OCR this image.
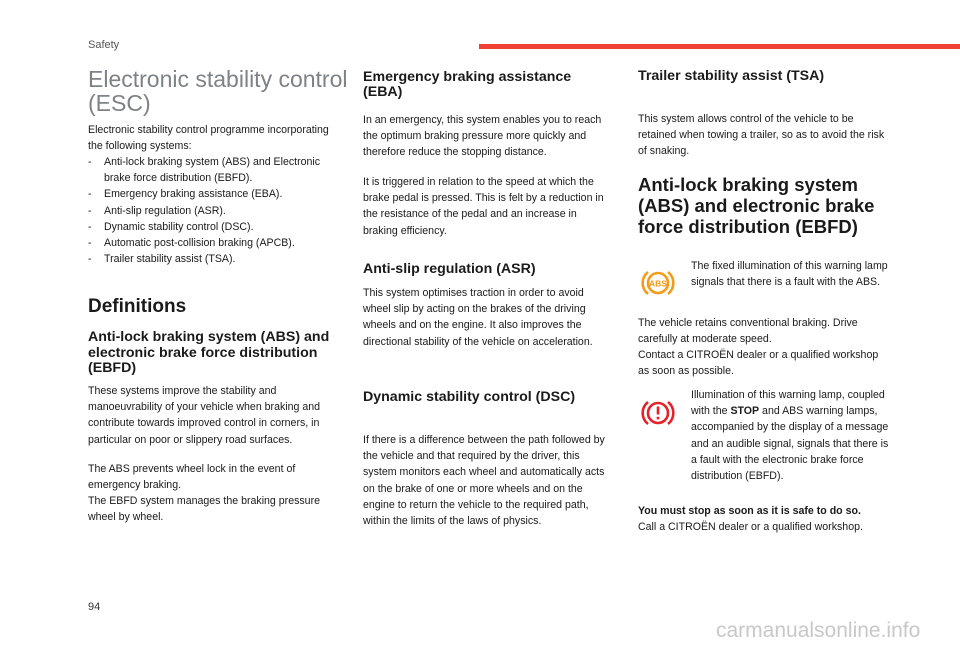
Safety
Electronic stability control (ESC)

Electronic stability control programme incorporating the following systems:

- Anti-lock braking system (ABS) and Electronic brake force distribution (EBFD).
- Emergency braking assistance (EBA).
- Anti-slip regulation (ASR).
- Dynamic stability control (DSC).
- Automatic post-collision braking (APCB).
- Trailer stability assist (TSA).
Definitions
Anti-lock braking system (ABS) and electronic brake force distribution (EBFD)

These systems improve the stability and manoeuvrability of your vehicle when braking and contribute towards improved control in corners, in particular on poor or slippery road surfaces.

The ABS prevents wheel lock in the event of emergency braking.

The EBFD system manages the braking pressure wheel by wheel.

Emergency braking assistance (EBA)

In an emergency, this system enables you to reach the optimum braking pressure more quickly and therefore reduce the stopping distance.

It is triggered in relation to the speed at which the brake pedal is pressed. This is felt by a reduction in the resistance of the pedal and an increase in braking efficiency.

Anti-slip regulation (ASR)

This system optimises traction in order to avoid wheel slip by acting on the brakes of the driving wheels and on the engine. It also improves the directional stability of the vehicle on acceleration.

Dynamic stability control (DSC)

If there is a difference between the path followed by the vehicle and that required by the driver, this system monitors each wheel and automatically acts on the brake of one or more wheels and on the engine to return the vehicle to the required path, within the limits of the laws of physics.

Trailer stability assist (TSA)

This system allows control of the vehicle to be retained when towing a trailer, so as to avoid the risk of snaking.

Anti-lock braking system (ABS) and electronic brake force distribution (EBFD)
ABS

The fixed illumination of this warning lamp signals that there is a fault with the ABS.

The vehicle retains conventional braking. Drive carefully at moderate speed.

Contact a CITROËN dealer or a qualified workshop as soon as possible.

Illumination of this warning lamp, coupled with the STOP and ABS warning lamps, accompanied by the display of a message and an audible signal, signals that there is a fault with the electronic brake force distribution (EBFD).

You must stop as soon as it is safe to do so.

Call a CITROËN dealer or a qualified workshop.

94
carmanualsonline.info
